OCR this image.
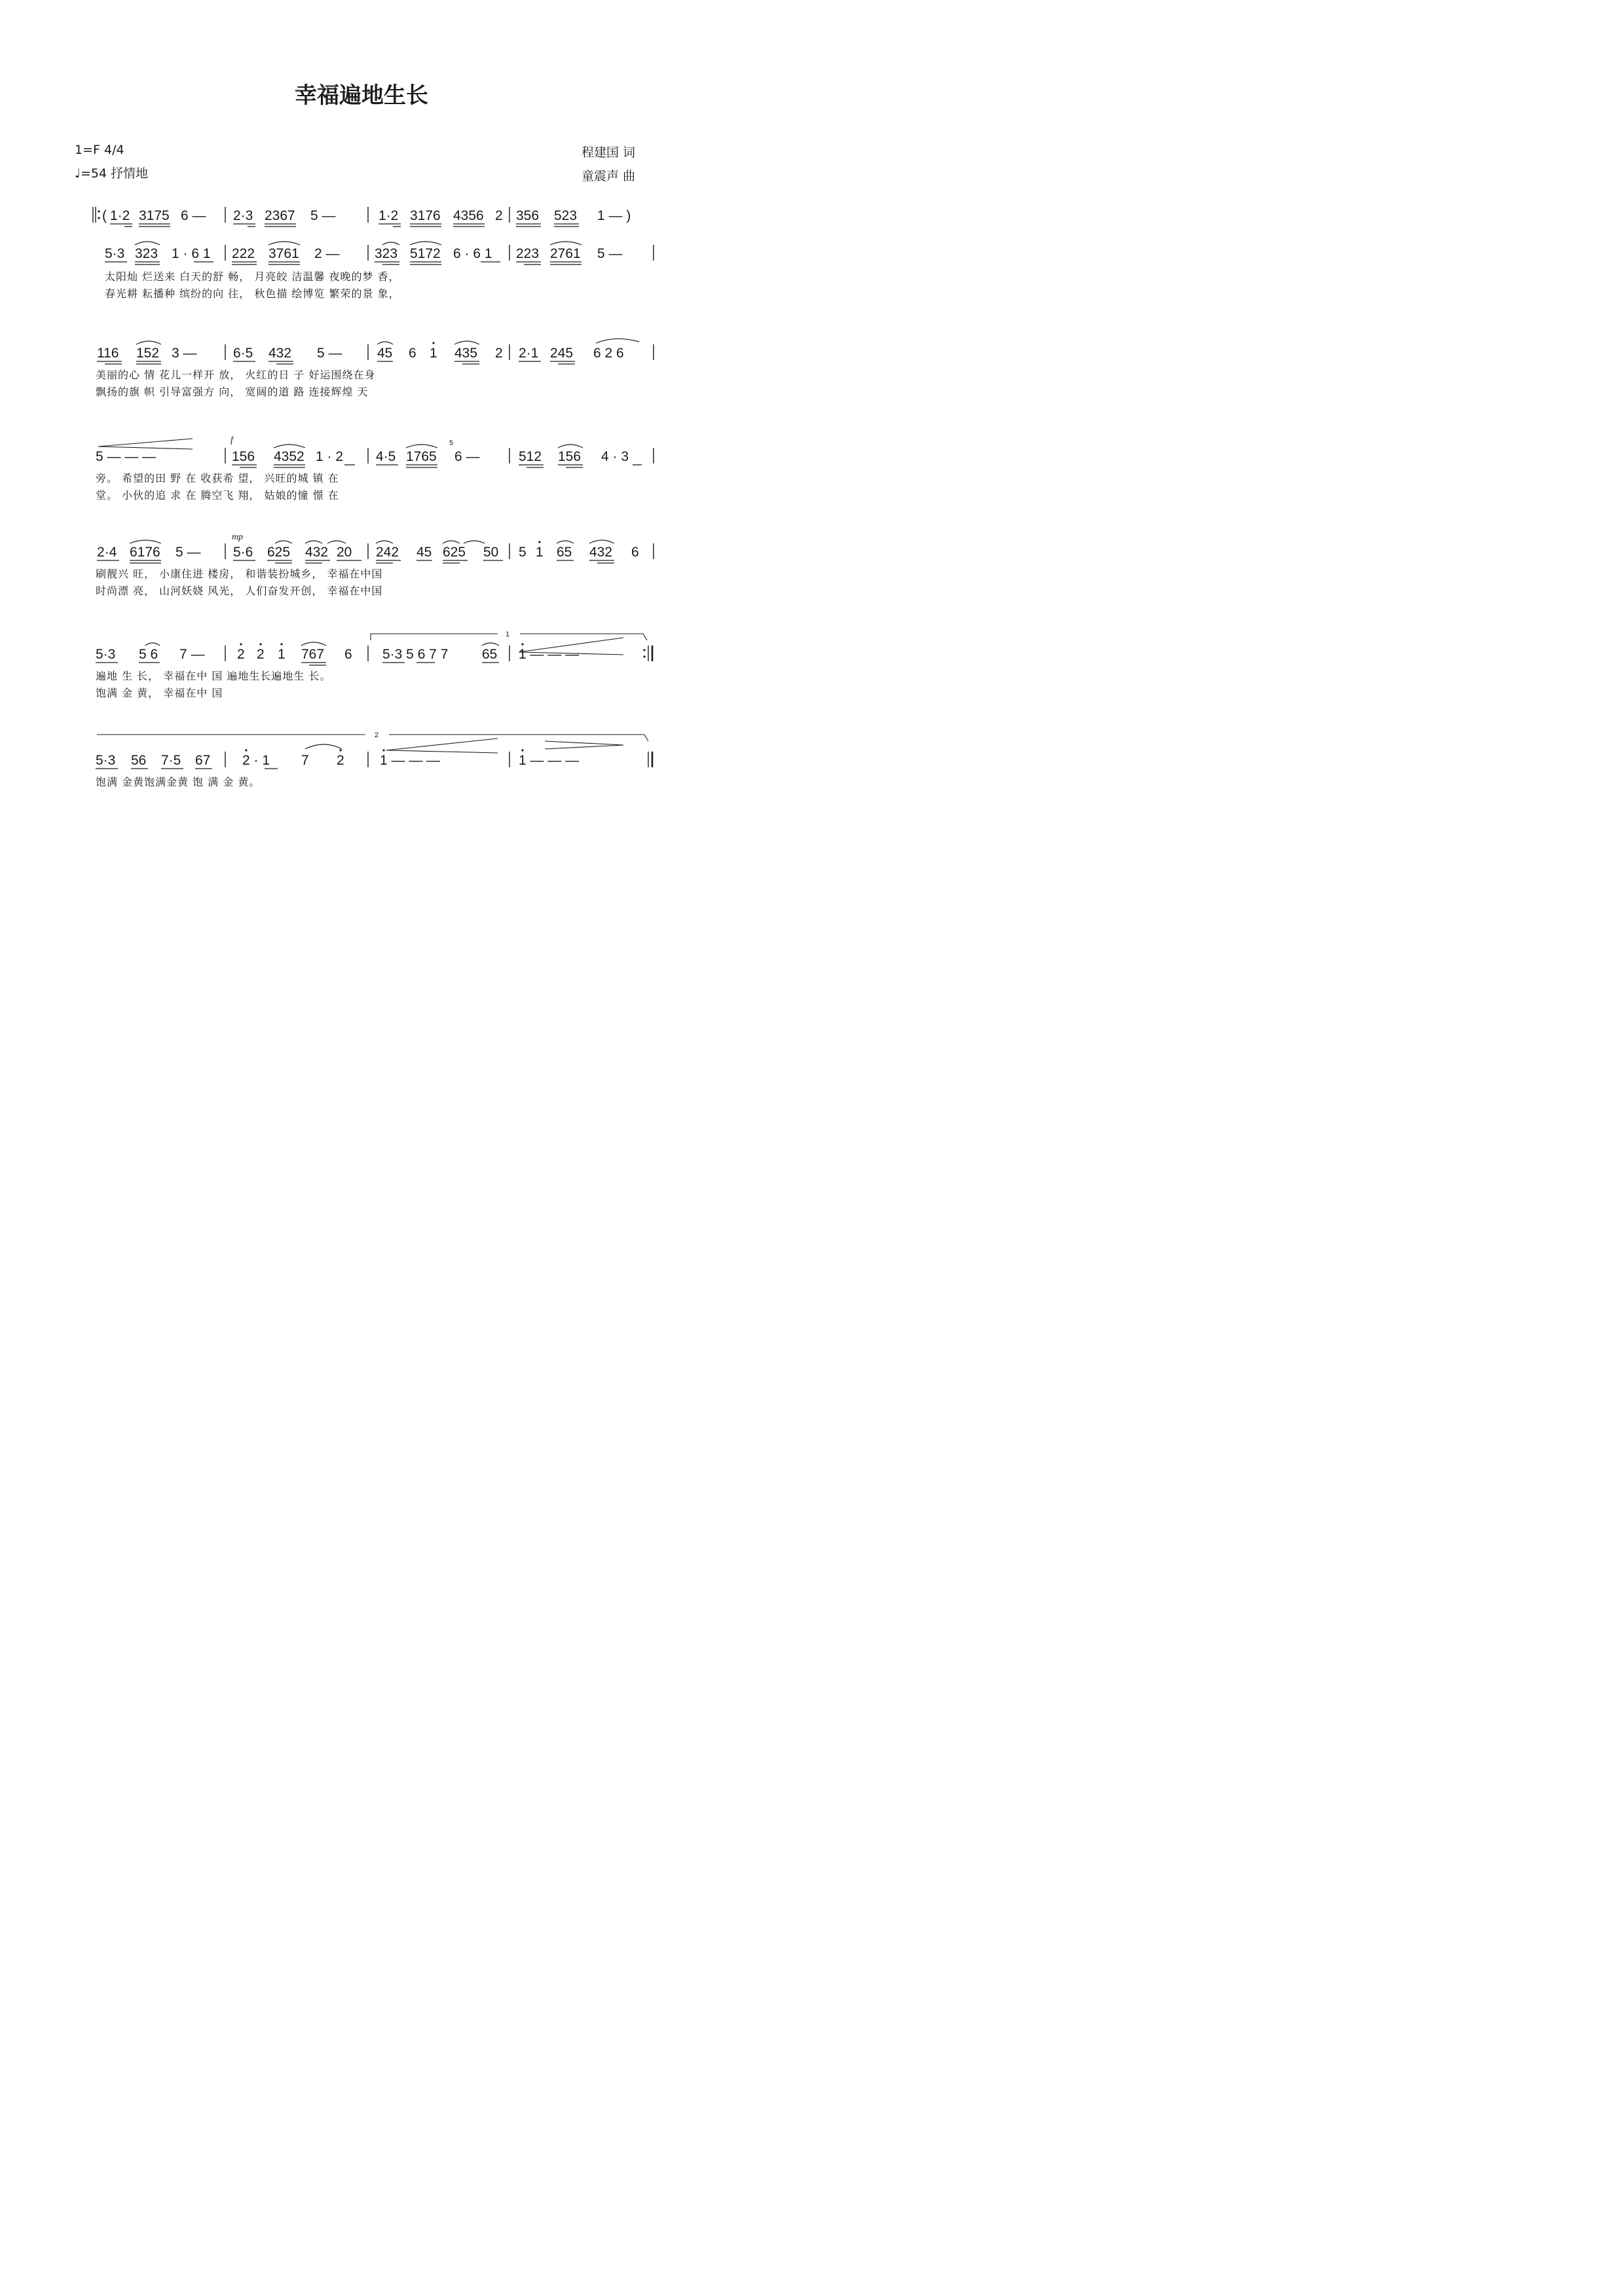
幸福遍地生长
1=F 4/4
♩=54 抒情地
程建国 词
童震声 曲
( 1·2 3175 6 — 2·3 2367 5 —	1·2 3176 4356 2 356 523 1 — )
5·3 323 1 · 6 1 222 3761 2 —	323 5172 6 · 6 1 223 2761 5 —
太阳灿 烂送来 白天的舒 畅， 月亮皎 洁温馨 夜晚的梦 香，
春光耕 耘播种 缤纷的向 往， 秋色描 绘博览 繁荣的景 象，
116 152 3 —	6·5 432 5 —	45 6 1 435 2 2·1 245 6 2 6
美丽的心 情 花儿一样开 放， 火红的日 子 好运围绕在身
飘扬的旗 帜 引导富强方 向， 宽阔的道 路 连接辉煌 天
5 — — —
f
156 4352 1 · 2 4·5 1765
5
6 —	512 156 4 · 3
旁。 希望的田 野 在 收获希 望， 兴旺的城 镇 在
堂。 小伙的追 求 在 腾空飞 翔， 姑娘的憧 憬 在
2·4 6176 5 —
mp
5·6 625 432 20 242 45 625 50 5 1 65 432 6
刷靓兴 旺， 小康住进 楼房， 和谐装扮城乡， 幸福在中国
时尚漂 亮， 山河妖娆 风光， 人们奋发开创， 幸福在中国
1
5·3 5 6 7 — 2 2 1 767 6 5·3 5 6 7 7 65 1 — — —
遍地 生 长， 幸福在中 国 遍地生长遍地生 长。
饱满 金 黄， 幸福在中 国
2
5·3 56 7·5 67 2 · 1 7 2	1 — — —	1 — — —
饱满 金黄饱满金黄 饱 满 金 黄。
